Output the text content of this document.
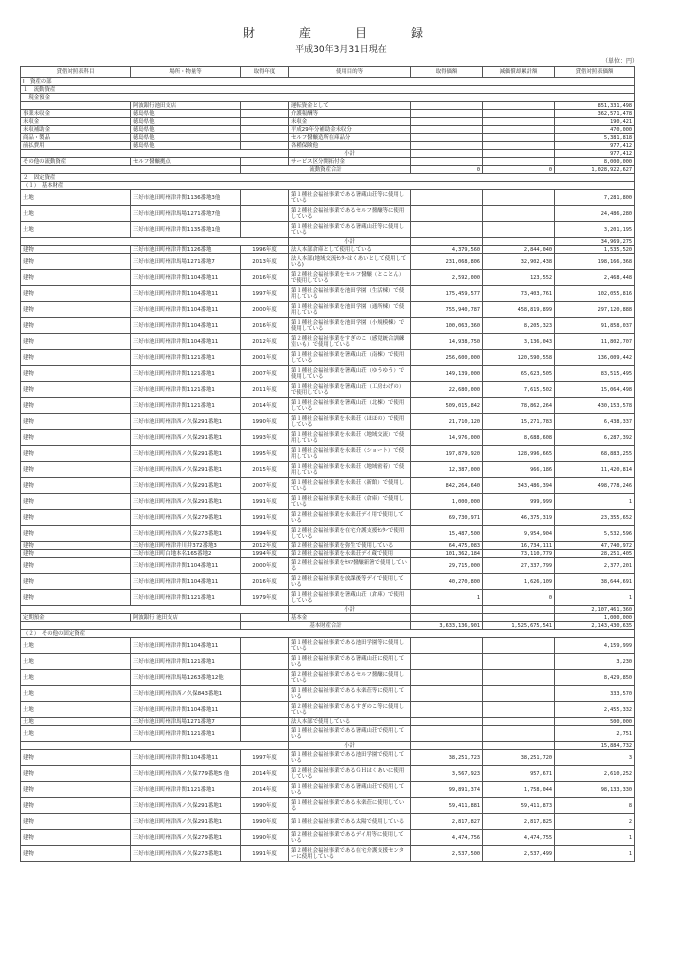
財　産　目　録
平成30年3月31日現在
（単位：円）
貸借対照表科目	場所・物量等	取得年度	使用目的等	取得価額	減価償却累計額	貸借対照表価額
Ⅰ　資産の部						
１　流動資産						
　現金預金						
	阿波銀行池田支店		運転資金として			851,331,498
事業未収金	徳島県他		介護報酬等			362,571,478
未収金	徳島県他		未収金			190,421
未収補助金	徳島県他		平成29年分補助金未収分			470,000
商品・製品	徳島県他		セルフ醤醸造所在庫品分			5,381,818
前払費用	徳島県他		各種保険他			977,412
			小計			977,412
その他の流動資産	セルフ醤醸拠点		サービス区分開拓付金			8,000,000
		流動資産合計		0	0	1,028,922,627
２　固定資産						
（１）　基本財産						
土地	三好市池田町州津井関1136番地3他		第１種社会福祉事業である箸蔵山荘等に使用している			7,281,800
土地	三好市池田町州津馬場1271番地7他		第２種社会福祉事業であるセルフ醤醸等に使用している			24,486,280
土地	三好市池田町州津井関1135番地1他		第１種社会福祉事業である箸蔵山荘等に使用している			3,201,195
			小計			34,969,275
建物	三好市池田町州津井関1126番地	1996年度	法人本部倉庫として使用している	4,379,560	2,844,040	1,535,520
建物	三好市池田町州津馬場1271番地7	2013年度	法人本部(地域交流ｾﾝﾀｰはくあいとして使用している)	231,068,806	32,902,438	198,166,368
建物	三好市池田町州津井関1104番地11	2016年度	第２種社会福祉事業をセルフ醤醸（とことん）で使用している	2,592,000	123,552	2,468,448
建物	三好市池田町州津井関1104番地11	1997年度	第１種社会福祉事業を池田学園（生活棟）で使用している	175,459,577	73,403,761	102,055,816
建物	三好市池田町州津井関1104番地11	2000年度	第１種社会福祉事業を池田学園（通所棟）で使用している	755,940,787	458,819,899	297,120,888
建物	三好市池田町州津井関1104番地11	2016年度	第１種社会福祉事業を池田学園（小規模棟）で使用している	100,063,360	8,205,323	91,858,037
建物	三好市池田町州津井関1104番地11	2012年度	第２種社会福祉事業をすぎのこ（感覚統合訓練室いも）で使用している	14,938,750	3,136,043	11,802,707
建物	三好市池田町州津井関1121番地1	2001年度	第１種社会福祉事業を箸蔵山荘（南棟）で使用している	256,600,000	120,590,558	136,009,442
建物	三好市池田町州津井関1121番地1	2007年度	第１種社会福祉事業を箸蔵山荘（ゆうゆう）で使用している	149,139,000	65,623,505	83,515,495
建物	三好市池田町州津井関1121番地1	2011年度	第１種社会福祉事業を箸蔵山荘（工房わげの）で使用している	22,680,000	7,615,502	15,064,498
建物	三好市池田町州津井関1121番地1	2014年度	第１種社会福祉事業を箸蔵山荘（北棟）で使用している	509,015,842	78,862,264	430,153,578
建物	三好市池田町州津西ノ久保291番地1	1990年度	第１種社会福祉事業を永楽荘（ほほの）で使用している	21,710,120	15,271,783	6,438,337
建物	三好市池田町州津西ノ久保291番地1	1993年度	第１種社会福祉事業を永楽荘（地域交流）で使用している	14,976,000	8,688,608	6,287,392
建物	三好市池田町州津西ノ久保291番地1	1995年度	第１種社会福祉事業を永楽荘（ショート）で使用している	197,879,920	128,996,665	68,883,255
建物	三好市池田町州津西ノ久保291番地1	2015年度	第１種社会福祉事業を永楽荘（地域密着）で使用している	12,387,000	966,186	11,420,814
建物	三好市池田町州津西ノ久保291番地1	2007年度	第１種社会福祉事業を永楽荘（新館）で使用している	842,264,640	343,486,394	498,778,246
建物	三好市池田町州津西ノ久保291番地1	1991年度	第１種社会福祉事業を永楽荘（倉庫）で使用している	1,000,000	999,999	1
建物	三好市池田町州津西ノ久保279番地1	1991年度	第２種社会福祉事業を永楽荘デイ用で使用している	69,730,971	46,375,319	23,355,652
建物	三好市池田町州津西ノ久保273番地1	1994年度	第２種社会福祉事業を在宅介護支援ｾﾝﾀｰで使用している	15,487,500	9,954,904	5,532,596
建物	三好市池田町州津井川井372番地3	2012年度	第２種社会福祉事業を弥生で使用している	64,475,083	16,734,111	47,740,972
建物	三好市池田町白地本名165番地2	1994年度	第２種社会福祉事業を永楽荘デイ蔵で使用	101,362,184	73,110,779	28,251,405
建物	三好市池田町州津井関1104番地11	2000年度	第２種社会福祉事業をｾﾙﾌ醤醸新箸で使用している	29,715,000	27,337,799	2,377,201
建物	三好市池田町州津井関1104番地11	2016年度	第２種社会福祉事業を放課後等デイで使用している	40,270,800	1,626,109	38,644,691
建物	三好市池田町州津井関1121番地1	1979年度	第１種社会福祉事業を箸蔵山荘（倉庫）で使用している	1	0	1
			小計			2,107,461,360
定期預金	阿波銀行 池田支店		基本金			1,000,000
		基本財産合計		3,633,136,901	1,525,675,541	2,143,430,635
（２）　その他の固定資産						
土地	三好市池田町州津井関1104番地11		第１種社会福祉事業である池田学園等に使用している			4,159,999
土地	三好市池田町州津井関1121番地1		第１種社会福祉事業である箸蔵山荘に使用している			3,230
土地	三好市池田町州津馬場1263番地12他		第２種社会福祉事業であるセルフ醤醸に使用している			8,429,850
土地	三好市池田町州津西ノ久保843番地1		第１種社会福祉事業である永楽荘等に使用している			333,570
土地	三好市池田町州津井関1104番地11		第２種社会福祉事業であるすぎのこ等に使用している			2,455,332
土地	三好市池田町州津馬場1271番地7		法人本部で使用している			500,000
土地	三好市池田町州津井関1121番地1		第１種社会福祉事業である箸蔵山荘で使用している			2,751
			小計			15,884,732
建物	三好市池田町州津井関1104番地11	1997年度	第１種社会福祉事業である池田学園で使用している	38,251,723	38,251,720	3
建物	三好市池田町州津西ノ久保779番地5 他	2014年度	第２種社会福祉事業であるＧＨはくあいに使用している	3,567,923	957,671	2,610,252
建物	三好市池田町州津井関1121番地1	2014年度	第１種社会福祉事業である箸蔵山荘で使用している	99,891,374	1,758,044	98,133,330
建物	三好市池田町州津西ノ久保291番地1	1990年度	第１種社会福祉事業である永楽荘に使用している	59,411,881	59,411,873	8
建物	三好市池田町州津西ノ久保291番地1	1990年度	第１種社会福祉事業である太陽で使用している	2,817,827	2,817,825	2
建物	三好市池田町州津西ノ久保279番地1	1990年度	第２種社会福祉事業であるデイ用等に使用している	4,474,756	4,474,755	1
建物	三好市池田町州津西ノ久保273番地1	1991年度	第２種社会福祉事業である在宅介護支援センターに使用している	2,537,500	2,537,499	1
